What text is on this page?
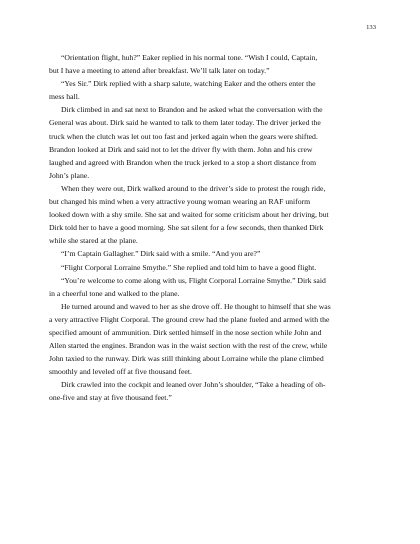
133

“Orientation flight, huh?” Eaker replied in his normal tone. “Wish I could, Captain,
but I have a meeting to attend after breakfast. We’ll talk later on today.”

“Yes Sir.” Dirk replied with a sharp salute, watching Eaker and the others enter the
mess hall.

Dirk climbed in and sat next to Brandon and he asked what the conversation with the
General was about. Dirk said he wanted to talk to them later today. The driver jerked the
truck when the clutch was let out too fast and jerked again when the gears were shifted.
Brandon looked at Dirk and said not to let the driver fly with them. John and his crew
laughed and agreed with Brandon when the truck jerked to a stop a short distance from
John’s plane.

When they were out, Dirk walked around to the driver’s side to protest the rough ride,
but changed his mind when a very attractive young woman wearing an RAF uniform
looked down with a shy smile. She sat and waited for some criticism about her driving, but
Dirk told her to have a good morning. She sat silent for a few seconds, then thanked Dirk
while she stared at the plane.

“I’m Captain Gallagher.” Dirk said with a smile. “And you are?”

“Flight Corporal Lorraine Smythe.” She replied and told him to have a good flight.

“You’re welcome to come along with us, Flight Corporal Lorraine Smythe.” Dirk said
in a cheerful tone and walked to the plane.

He turned around and waved to her as she drove off. He thought to himself that she was
a very attractive Flight Corporal. The ground crew had the plane fueled and armed with the
specified amount of ammunition. Dirk settled himself in the nose section while John and
Allen started the engines. Brandon was in the waist section with the rest of the crew, while
John taxied to the runway. Dirk was still thinking about Lorraine while the plane climbed
smoothly and leveled off at five thousand feet.

Dirk crawled into the cockpit and leaned over John’s shoulder, “Take a heading of oh-
one-five and stay at five thousand feet.”
